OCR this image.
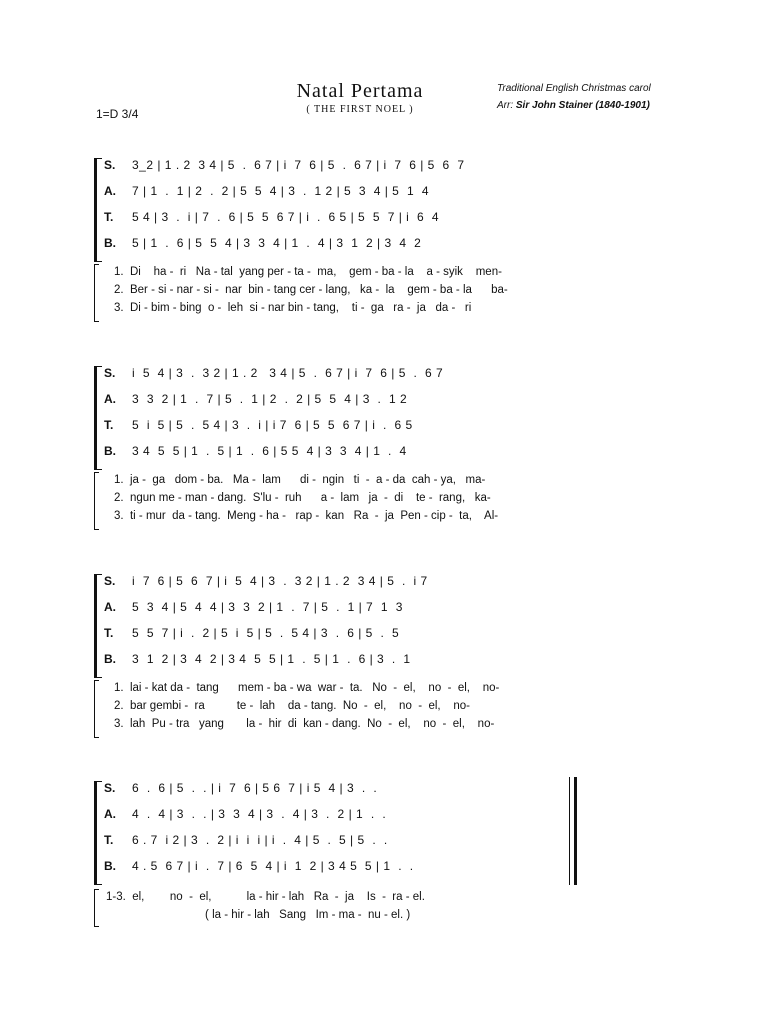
Natal Pertama
( THE FIRST NOEL )
Traditional English Christmas carol
Arr: Sir John Stainer (1840-1901)
1=D 3/4
S. 3_2 | 1 . 2  3 4 | 5  .  6 7 | i  7  6 | 5  .  6 7 | i  7  6 | 5  6  7
A. 7 | 1  .  1 | 2  .  2 | 5  5  4 | 3  .  1 2 | 5  3  4 | 5  1  4
T. 5 4 | 3  .  i | 7  .  6 | 5  5  6 7 | i  .  6 5 | 5  5  7 | i  6  4
B. 5 | 1  .  6 | 5  5  4 | 3  3  4 | 1  .  4 | 3  1  2 | 3  4  2
1.  Di    ha -  ri   Na - tal  yang per - ta -  ma,    gem - ba - la    a - syik    men-
2.  Ber - si - nar - si -  nar  bin - tang cer - lang,   ka -  la    gem - ba - la      ba-
3.  Di - bim - bing  o -  leh  si - nar bin - tang,    ti -  ga   ra -  ja   da -   ri
S. i  5  4 | 3  .  3 2 | 1 . 2   3 4 | 5  .  6 7 | i  7  6 | 5  .  6 7
A. 3  3  2 | 1  .  7 | 5  .  1 | 2  .  2 | 5  5  4 | 3  .  1 2
T. 5  i  5 | 5  .  5 4 | 3  .  i | i 7  6 | 5  5  6 7 | i  .  6 5
B. 3 4  5  5 | 1  .  5 | 1  .  6 | 5 5  4 | 3  3  4 | 1  .  4
1.  ja -  ga   dom - ba.   Ma -  lam      di -  ngin   ti  -  a - da  cah - ya,   ma-
2.  ngun me - man - dang.  S'lu -  ruh      a -  lam   ja  -  di    te -  rang,   ka-
3.  ti - mur  da - tang.  Meng - ha -   rap -  kan   Ra  -  ja  Pen - cip -  ta,    Al-
S. i  7  6 | 5  6  7 | i  5  4 | 3  .  3 2 | 1 . 2  3 4 | 5  .  i 7
A. 5  3  4 | 5  4  4 | 3  3  2 | 1  .  7 | 5  .  1 | 7  1  3
T. 5  5  7 | i  .  2 | 5  i  5 | 5  .  5 4 | 3  .  6 | 5  .  5
B. 3  1  2 | 3  4  2 | 3 4  5  5 | 1  .  5 | 1  .  6 | 3  .  1
1.  lai - kat da -  tang      mem - ba - wa  war -  ta.   No  -  el,    no  -  el,    no-
2.  bar gembi -  ra          te -  lah    da - tang.  No  -  el,    no  -  el,    no-
3.  lah  Pu - tra   yang       la -  hir  di  kan - dang.  No  -  el,    no  -  el,    no-
S. 6  .  6 | 5  .  . | i  7  6 | 5 6  7 | i 5  4 | 3  .  .
A. 4  .  4 | 3  .  . | 3  3  4 | 3  .  4 | 3  .  2 | 1  .  .
T. 6 . 7  i 2 | 3  .  2 | i  i  i | i  .  4 | 5  .  5 | 5  .  .
B. 4 . 5  6 7 | i  .  7 | 6  5  4 | i  1  2 | 3 4 5  5 | 1  .  .
1-3.  el,        no  -  el,           la - hir - lah   Ra  -  ja    Is  -  ra - el.
( la - hir - lah   Sang   Im - ma -  nu - el. )
